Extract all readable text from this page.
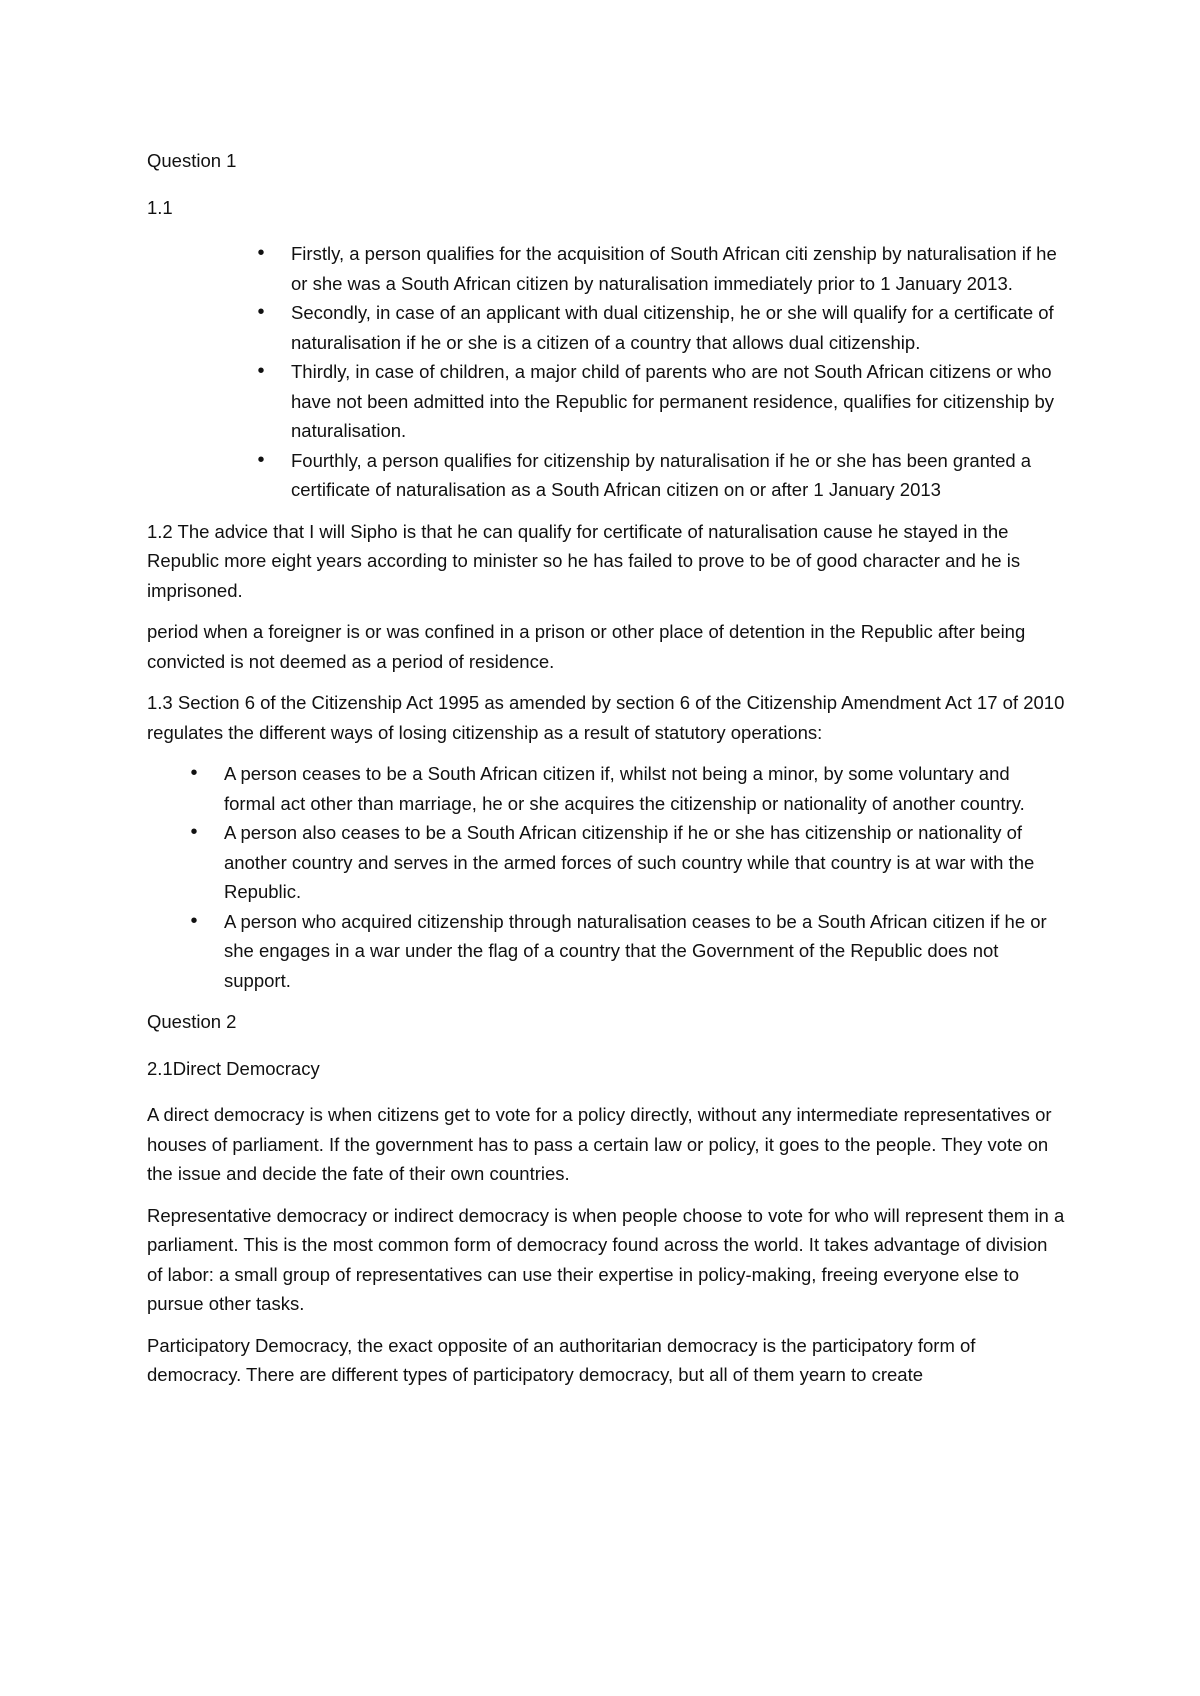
Question 1

1.1

• Firstly, a person qualifies for the acquisition of South African citi zenship by naturalisation if he or she was a South African citizen by naturalisation immediately prior to 1 January 2013.
• Secondly, in case of an applicant with dual citizenship, he or she will qualify for a certificate of naturalisation if he or she is a citizen of a country that allows dual citizenship.
• Thirdly, in case of children, a major child of parents who are not South African citizens or who have not been admitted into the Republic for permanent residence, qualifies for citizenship by naturalisation.
• Fourthly, a person qualifies for citizenship by naturalisation if he or she has been granted a certificate of naturalisation as a South African citizen on or after 1 January 2013

1.2 The advice that I will Sipho is that he can qualify for certificate of naturalisation cause he stayed in the Republic more eight years according to minister so he has failed to prove to be of good character and he is imprisoned.

period when a foreigner is or was confined in a prison or other place of detention in the Republic after being convicted is not deemed as a period of residence.

1.3 Section 6 of the Citizenship Act 1995 as amended by section 6 of the Citizenship Amendment Act 17 of 2010 regulates the different ways of losing citizenship as a result of statutory operations:

• A person ceases to be a South African citizen if, whilst not being a minor, by some voluntary and formal act other than marriage, he or she acquires the citizenship or nationality of another country.
• A person also ceases to be a South African citizenship if he or she has citizenship or nationality of another country and serves in the armed forces of such country while that country is at war with the Republic.
• A person who acquired citizenship through naturalisation ceases to be a South African citizen if he or she engages in a war under the flag of a country that the Government of the Republic does not support.

Question 2

2.1Direct Democracy

A direct democracy is when citizens get to vote for a policy directly, without any intermediate representatives or houses of parliament. If the government has to pass a certain law or policy, it goes to the people. They vote on the issue and decide the fate of their own countries.

Representative democracy or indirect democracy is when people choose to vote for who will represent them in a parliament. This is the most common form of democracy found across the world. It takes advantage of division of labor: a small group of representatives can use their expertise in policy-making, freeing everyone else to pursue other tasks.

Participatory Democracy, the exact opposite of an authoritarian democracy is the participatory form of democracy. There are different types of participatory democracy, but all of them yearn to create
